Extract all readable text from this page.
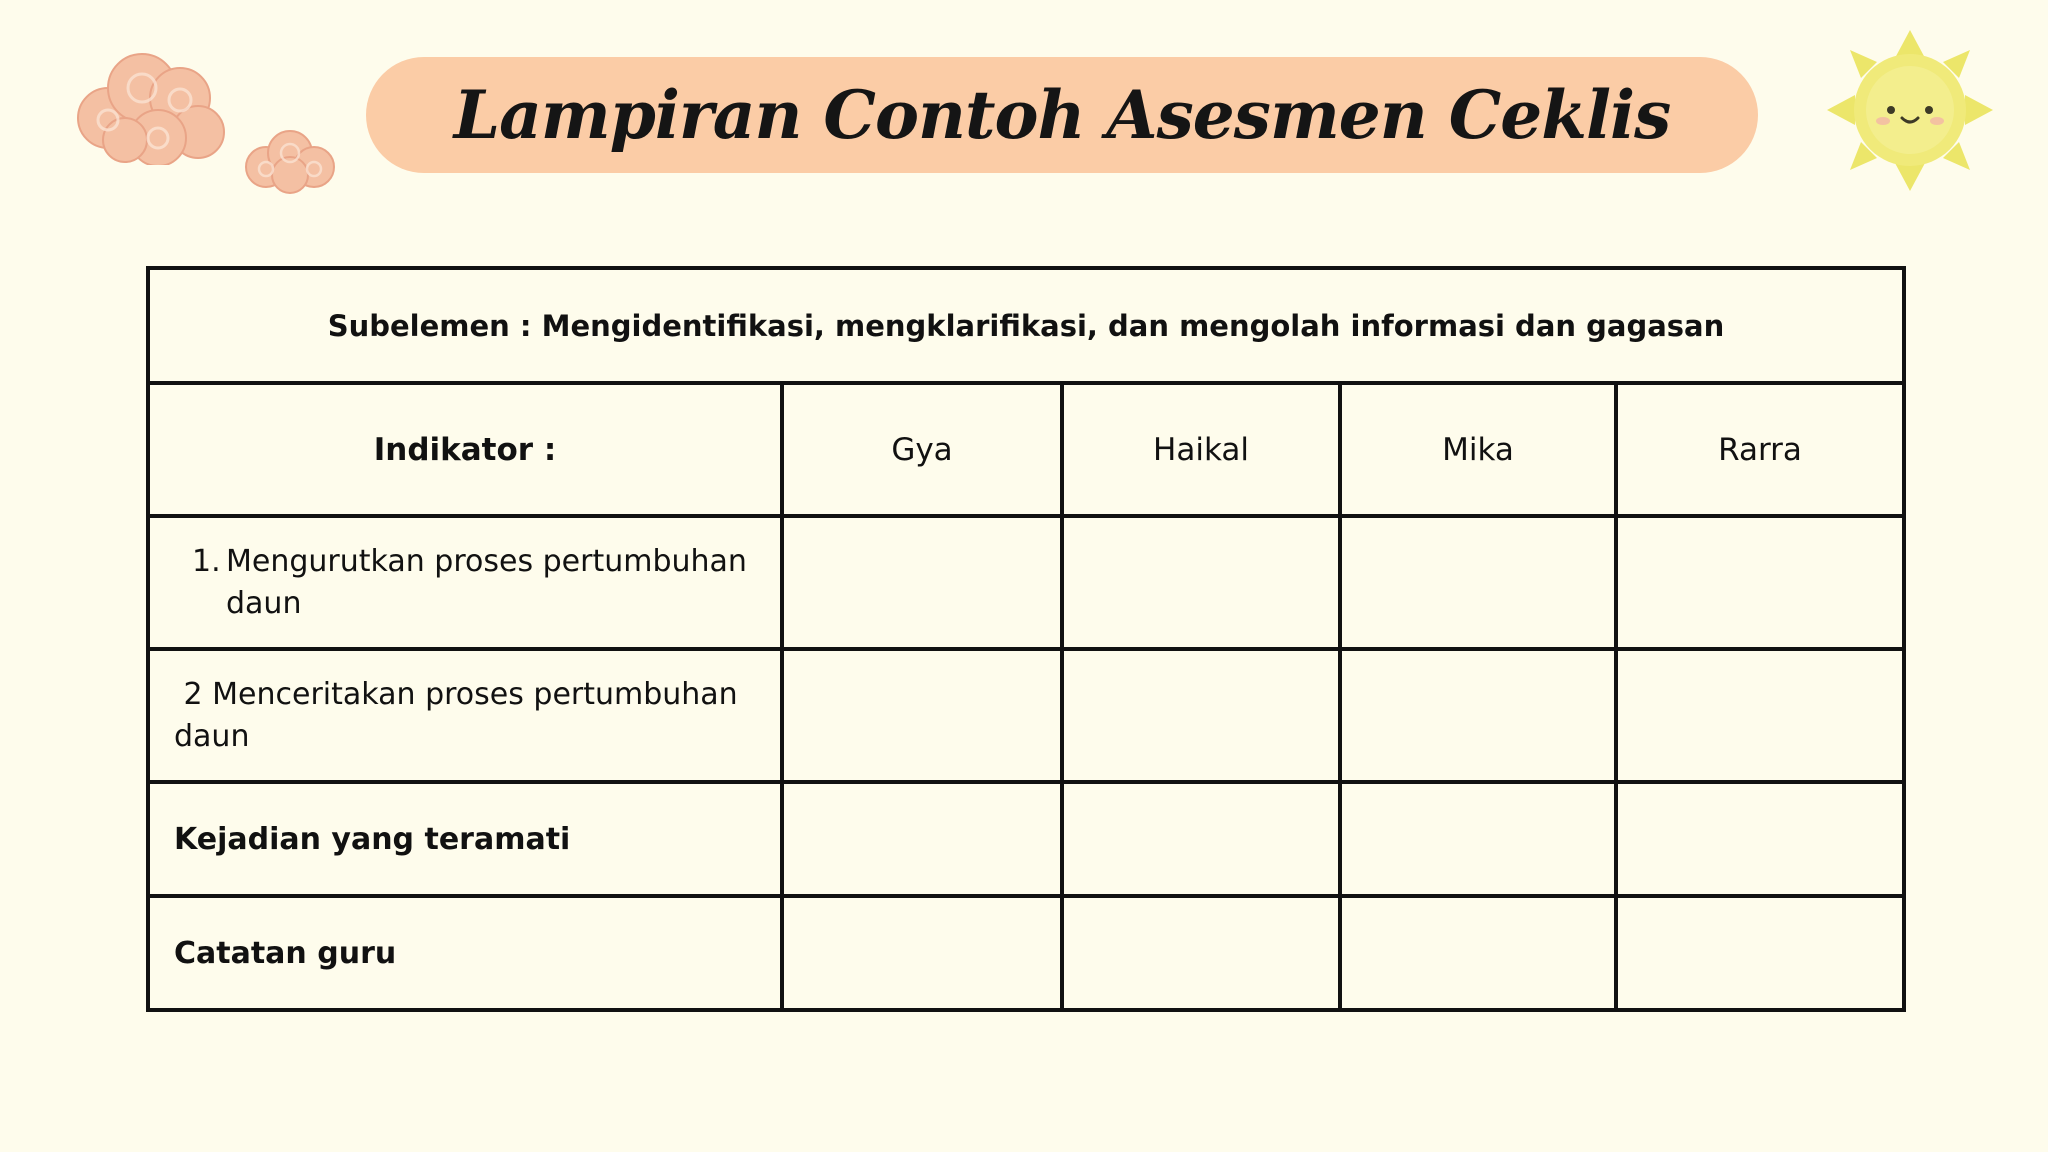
Lampiran Contoh Asesmen Ceklis
Subelemen : Mengidentifikasi, mengklarifikasi, dan mengolah informasi dan gagasan				

Indikator :	Gya	Haikal	Mika	Rarra

1. Mengurutkan proses pertumbuhan daun				

2 Menceritakan proses pertumbuhan daun				

Kejadian yang teramati				

Catatan guru				
